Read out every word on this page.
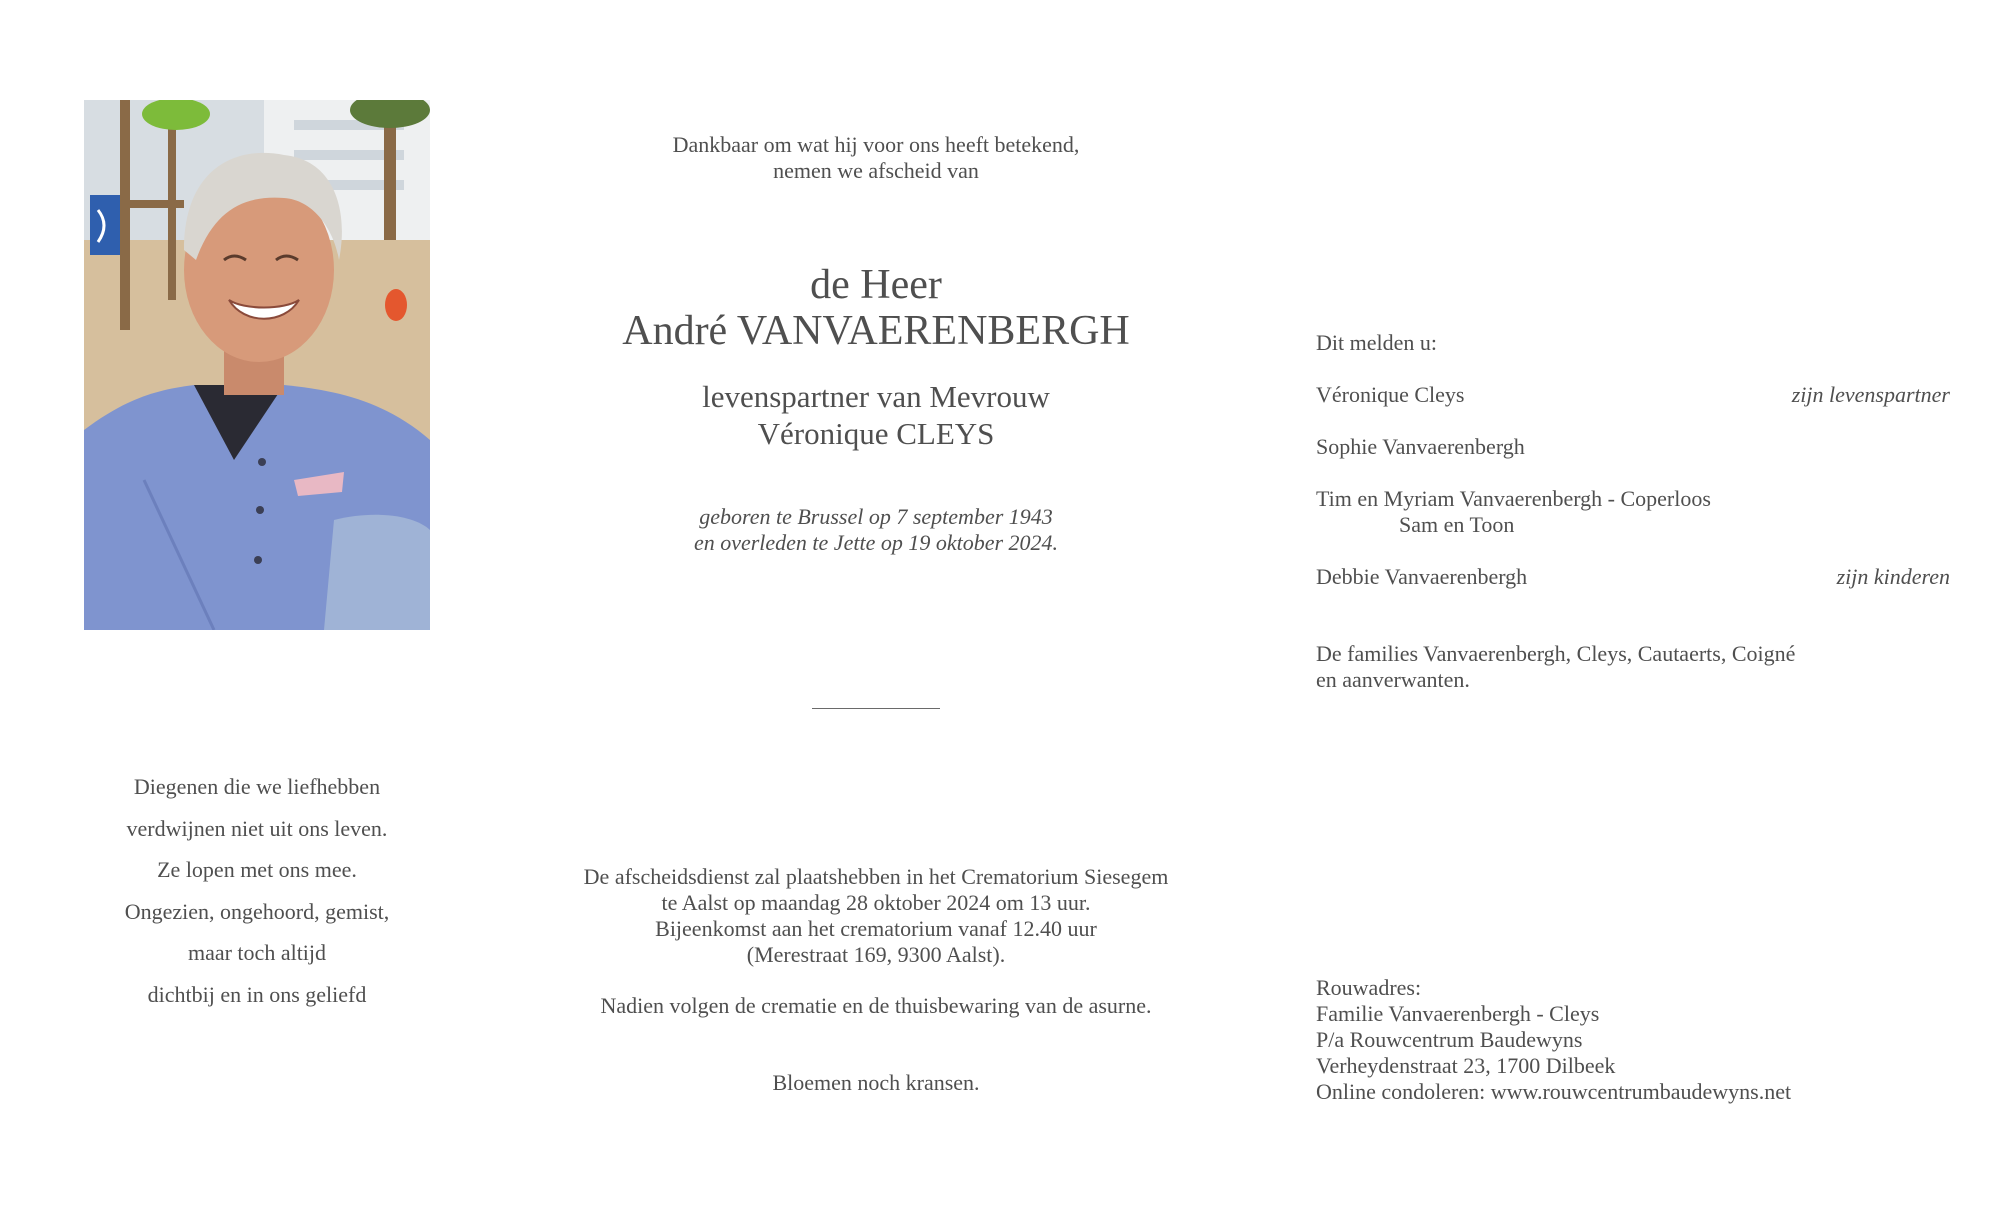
Diegenen die we liefhebben
verdwijnen niet uit ons leven.
Ze lopen met ons mee.
Ongezien, ongehoord, gemist,
maar toch altijd
dichtbij en in ons geliefd
Dankbaar om wat hij voor ons heeft betekend,
nemen we afscheid van
de Heer
André VANVAERENBERGH
levenspartner van Mevrouw
Véronique CLEYS
geboren te Brussel op 7 september 1943
en overleden te Jette op 19 oktober 2024.
De afscheidsdienst zal plaatshebben in het Crematorium Siesegem
te Aalst op maandag 28 oktober 2024 om 13 uur.
Bijeenkomst aan het crematorium vanaf 12.40 uur
(Merestraat 169, 9300 Aalst).
Nadien volgen de crematie en de thuisbewaring van de asurne.
Bloemen noch kransen.
Dit melden u:
Véronique Cleys	zijn levenspartner
Sophie Vanvaerenbergh
Tim en Myriam Vanvaerenbergh - Coperloos
Sam en Toon
Debbie Vanvaerenbergh	zijn kinderen
De families Vanvaerenbergh, Cleys, Cautaerts, Coigné
en aanverwanten.
Rouwadres:
Familie Vanvaerenbergh - Cleys
P/a Rouwcentrum Baudewyns
Verheydenstraat 23, 1700 Dilbeek
Online condoleren: www.rouwcentrumbaudewyns.net
